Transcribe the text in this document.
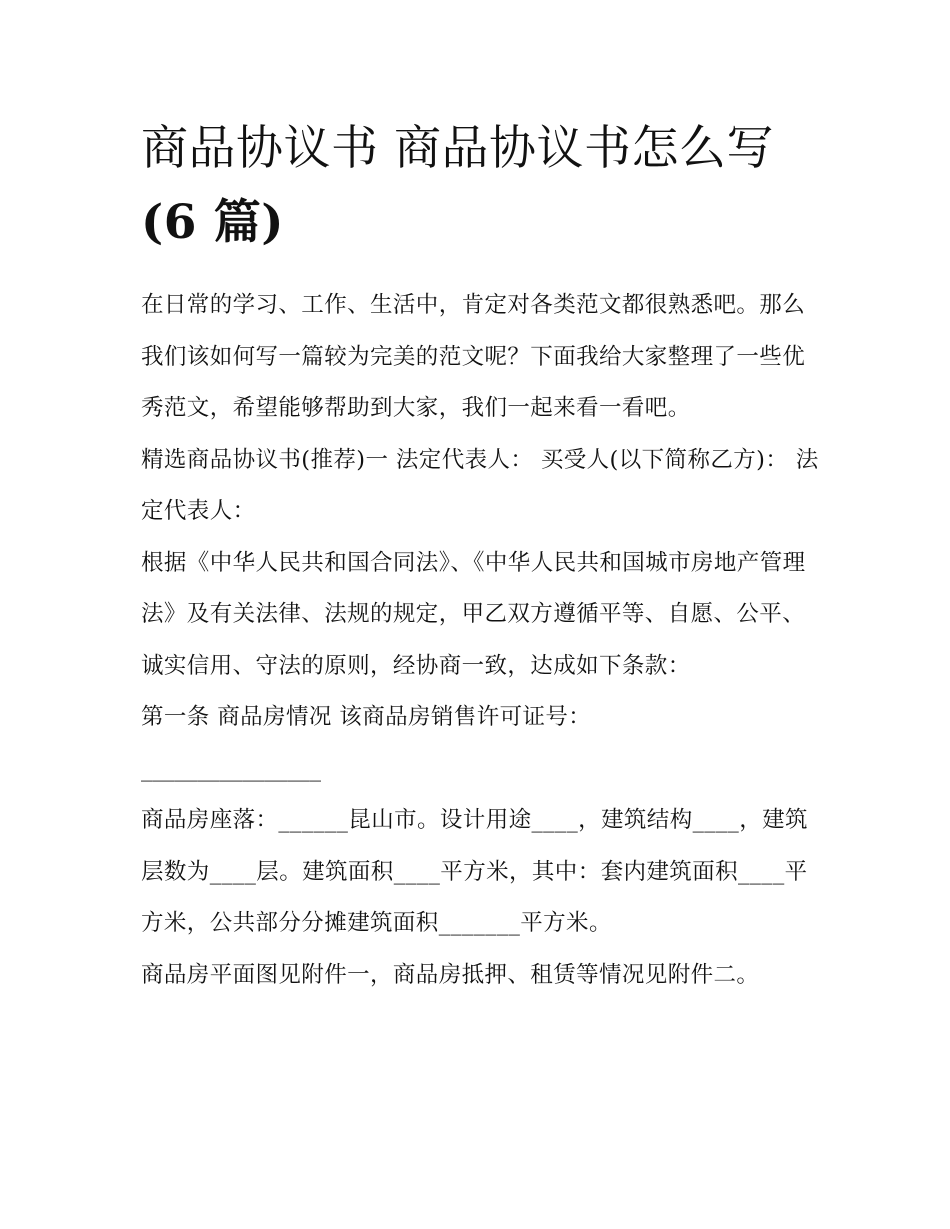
商品协议书 商品协议书怎么写
(6 篇)

在日常的学习、工作、生活中，肯定对各类范文都很熟悉吧。那么我们该如何写一篇较为完美的范文呢？下面我给大家整理了一些优秀范文，希望能够帮助到大家，我们一起来看一看吧。

精选商品协议书(推荐)一 法定代表人： 买受人(以下简称乙方)： 法定代表人：

根据《中华人民共和国合同法》、《中华人民共和国城市房地产管理法》及有关法律、法规的规定，甲乙双方遵循平等、自愿、公平、诚实信用、守法的原则，经协商一致，达成如下条款：

第一条 商品房情况 该商品房销售许可证号：

________________

商品房座落：______昆山市。设计用途____，建筑结构____，建筑层数为____层。建筑面积____平方米，其中：套内建筑面积____平方米，公共部分分摊建筑面积_______平方米。

商品房平面图见附件一，商品房抵押、租赁等情况见附件二。
